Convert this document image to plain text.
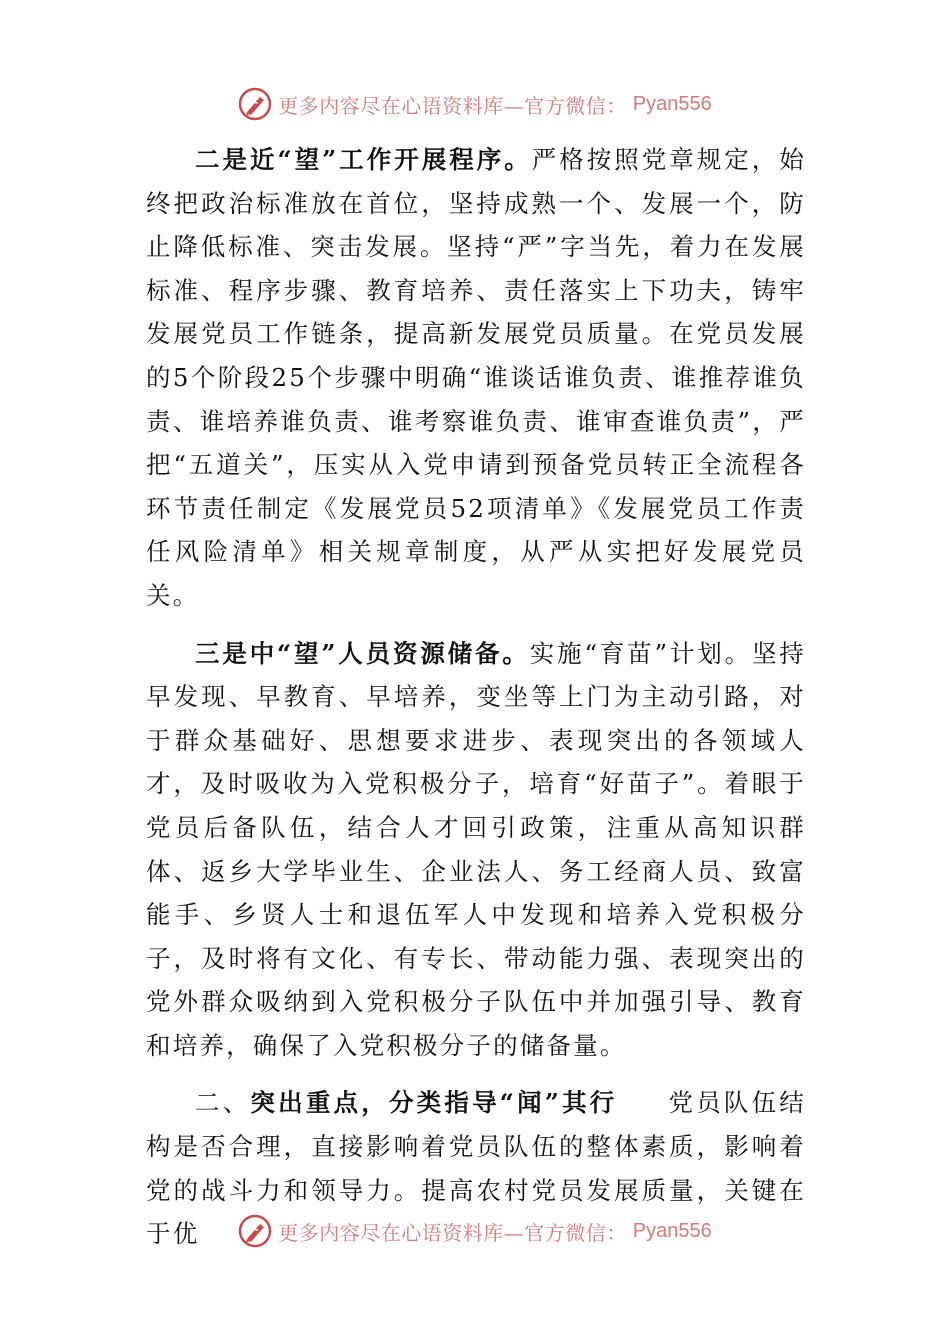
更多内容尽在心语资料库—官方微信： Pyan556

二是近“望”工作开展程序。严格按照党章规定，始终把政治标准放在首位，坚持成熟一个、发展一个，防止降低标准、突击发展。坚持“严”字当先，着力在发展标准、程序步骤、教育培养、责任落实上下功夫，铸牢发展党员工作链条，提高新发展党员质量。在党员发展的5个阶段25个步骤中明确“谁谈话谁负责、谁推荐谁负责、谁培养谁负责、谁考察谁负责、谁审查谁负责”，严把“五道关”，压实从入党申请到预备党员转正全流程各环节责任制定《发展党员52项清单》《发展党员工作责任风险清单》相关规章制度，从严从实把好发展党员关。

三是中“望”人员资源储备。实施“育苗”计划。坚持早发现、早教育、早培养，变坐等上门为主动引路，对于群众基础好、思想要求进步、表现突出的各领域人才，及时吸收为入党积极分子，培育“好苗子”。着眼于党员后备队伍，结合人才回引政策，注重从高知识群体、返乡大学毕业生、企业法人、务工经商人员、致富能手、乡贤人士和退伍军人中发现和培养入党积极分子，及时将有文化、有专长、带动能力强、表现突出的党外群众吸纳到入党积极分子队伍中并加强引导、教育和培养，确保了入党积极分子的储备量。

二、突出重点，分类指导“闻”其行 党员队伍结构是否合理，直接影响着党员队伍的整体素质，影响着党的战斗力和领导力。提高农村党员发展质量，关键在于优	更多内容尽在心语资料库—官方微信： Pyan556
